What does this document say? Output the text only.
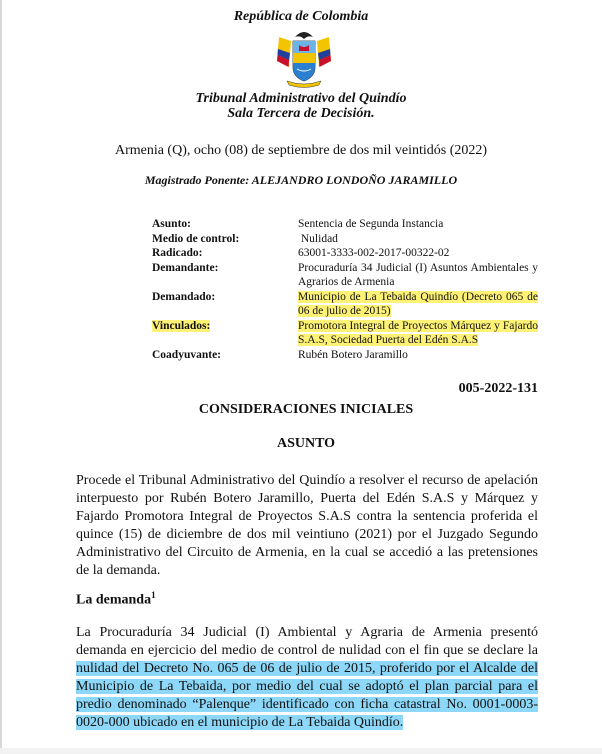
República de Colombia
Tribunal Administrativo del Quindío
Sala Tercera de Decisión.
Armenia (Q), ocho (08) de septiembre de dos mil veintidós (2022)
Magistrado Ponente: ALEJANDRO LONDOÑO JARAMILLO
Asunto:	Sentencia de Segunda Instancia
Medio de control:	Nulidad
Radicado:	63001-3333-002-2017-00322-02
Demandante:	Procuraduría 34 Judicial (I) Asuntos Ambientales y Agrarios de Armenia
Demandado:	Municipio de La Tebaida Quindío (Decreto 065 de 06 de julio de 2015)
Vinculados:	Promotora Integral de Proyectos Márquez y Fajardo S.A.S, Sociedad Puerta del Edén S.A.S
Coadyuvante:	Rubén Botero Jaramillo
005-2022-131
CONSIDERACIONES INICIALES
ASUNTO
Procede el Tribunal Administrativo del Quindío a resolver el recurso de apelación interpuesto por Rubén Botero Jaramillo, Puerta del Edén S.A.S y Márquez y Fajardo Promotora Integral de Proyectos S.A.S contra la sentencia proferida el quince (15) de diciembre de dos mil veintiuno (2021) por el Juzgado Segundo Administrativo del Circuito de Armenia, en la cual se accedió a las pretensiones de la demanda.
La demanda$^1$
La Procuraduría 34 Judicial (I) Ambiental y Agraria de Armenia presentó demanda en ejercicio del medio de control de nulidad con el fin que se declare la nulidad del Decreto No. 065 de 06 de julio de 2015, proferido por el Alcalde del Municipio de La Tebaida, por medio del cual se adoptó el plan parcial para el predio denominado “Palenque” identificado con ficha catastral No. 0001-0003-0020-000 ubicado en el municipio de La Tebaida Quindío.
